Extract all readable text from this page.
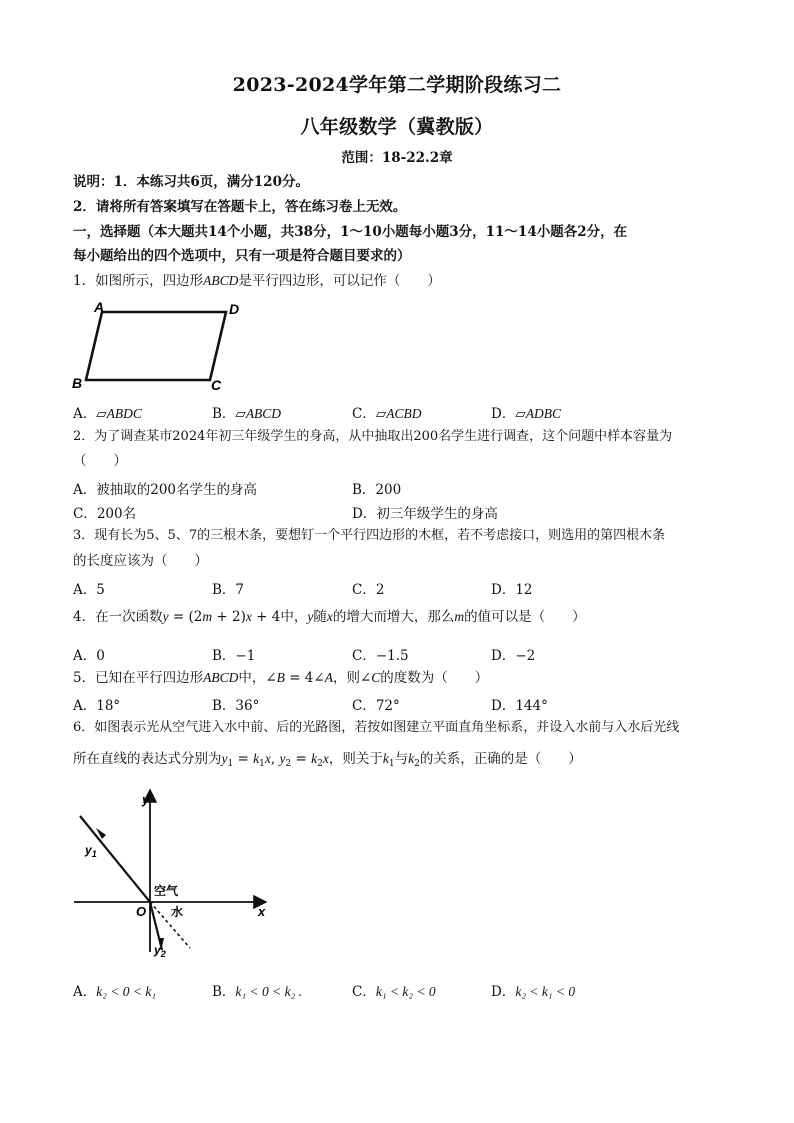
2023-2024学年第二学期阶段练习二
八年级数学（冀教版）
范围：18-22.2章
说明：1．本练习共6页，满分120分。
2．请将所有答案填写在答题卡上，答在练习卷上无效。
一，选择题（本大题共14个小题，共38分，1～10小题每小题3分，11～14小题各2分，在
每小题给出的四个选项中，只有一项是符合题目要求的）
1．如图所示，四边形ABCD是平行四边形，可以记作（　　）
A	D
B	C
A．▱ABDC	B．▱ABCD	C．▱ACBD	D．▱ADBC
2．为了调查某市2024年初三年级学生的身高，从中抽取出200名学生进行调查，这个问题中样本容量为
（　　）
A．被抽取的200名学生的身高	B．200
C．200名	D．初三年级学生的身高
3．现有长为5、5、7的三根木条，要想钉一个平行四边形的木框，若不考虑接口，则选用的第四根木条
的长度应该为（　　）
A．5	B．7	C．2	D．12
4．在一次函数y = (2m + 2)x + 4中，y随x的增大而增大，那么m的值可以是（　　）
A．0	B．−1	C．−1.5	D．−2
5．已知在平行四边形ABCD中，∠B = 4∠A，则∠C的度数为（　　）
A．18°	B．36°	C．72°	D．144°
6．如图表示光从空气进入水中前、后的光路图，若按如图建立平面直角坐标系，并设入水前与入水后光线
所在直线的表达式分别为$y_1 = k_1x$, $y_2 = k_2x$，则关于$k_1$与$k_2$的关系，正确的是（　　）
y
x
O
空气
水
$y_1$
$y_2$
A．k₂ < 0 < k₁	B．k₁ < 0 < k₂ .	C．k₁ < k₂ < 0	D．k₂ < k₁ < 0
